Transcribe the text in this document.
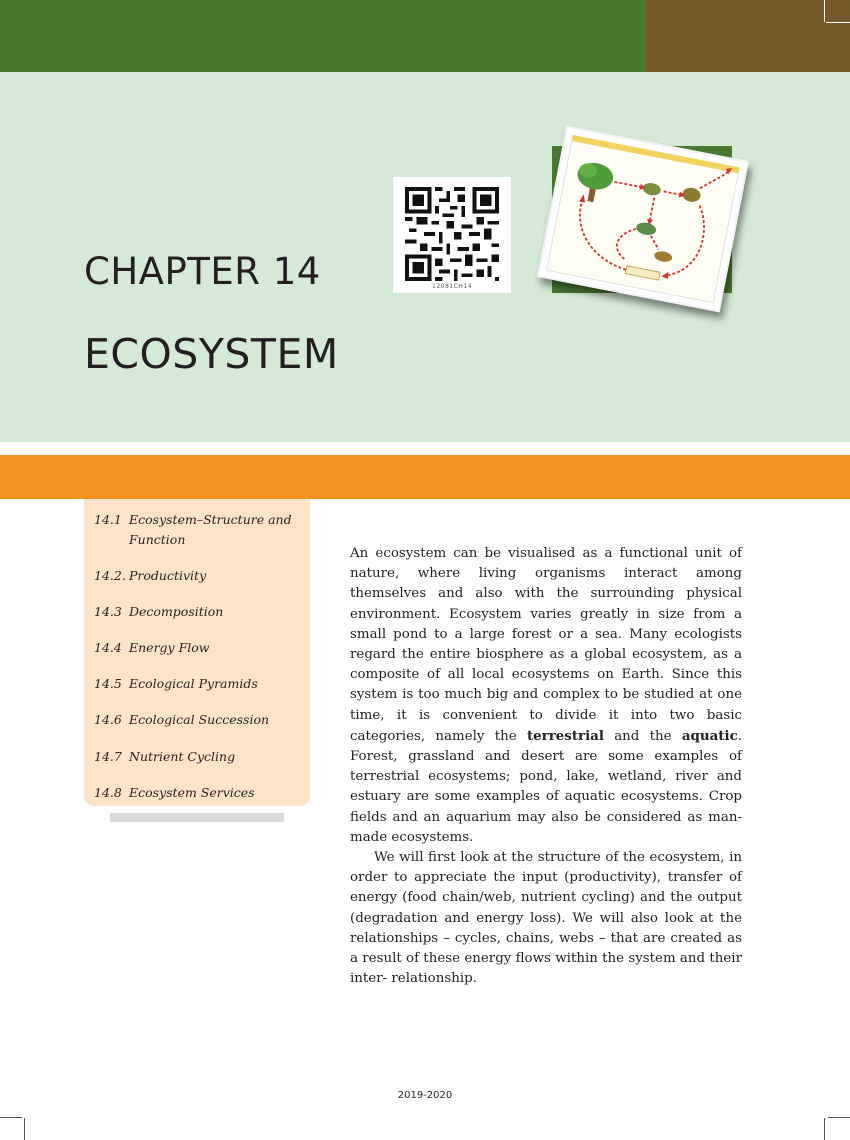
CHAPTER 14
ECOSYSTEM
12081CH14
14.1 Ecosystem–Structure and Function
14.2. Productivity
14.3 Decomposition
14.4 Energy Flow
14.5 Ecological Pyramids
14.6 Ecological Succession
14.7 Nutrient Cycling
14.8 Ecosystem Services

An ecosystem can be visualised as a functional unit of nature, where living organisms interact among themselves and also with the surrounding physical environment. Ecosystem varies greatly in size from a small pond to a large forest or a sea. Many ecologists regard the entire biosphere as a global ecosystem, as a composite of all local ecosystems on Earth. Since this system is too much big and complex to be studied at one time, it is convenient to divide it into two basic categories, namely the terrestrial and the aquatic. Forest, grassland and desert are some examples of terrestrial ecosystems; pond, lake, wetland, river and estuary are some examples of aquatic ecosystems. Crop fields and an aquarium may also be considered as man-made ecosystems.

We will first look at the structure of the ecosystem, in order to appreciate the input (productivity), transfer of energy (food chain/web, nutrient cycling) and the output (degradation and energy loss). We will also look at the relationships – cycles, chains, webs – that are created as a result of these energy flows within the system and their inter- relationship.

2019-2020
